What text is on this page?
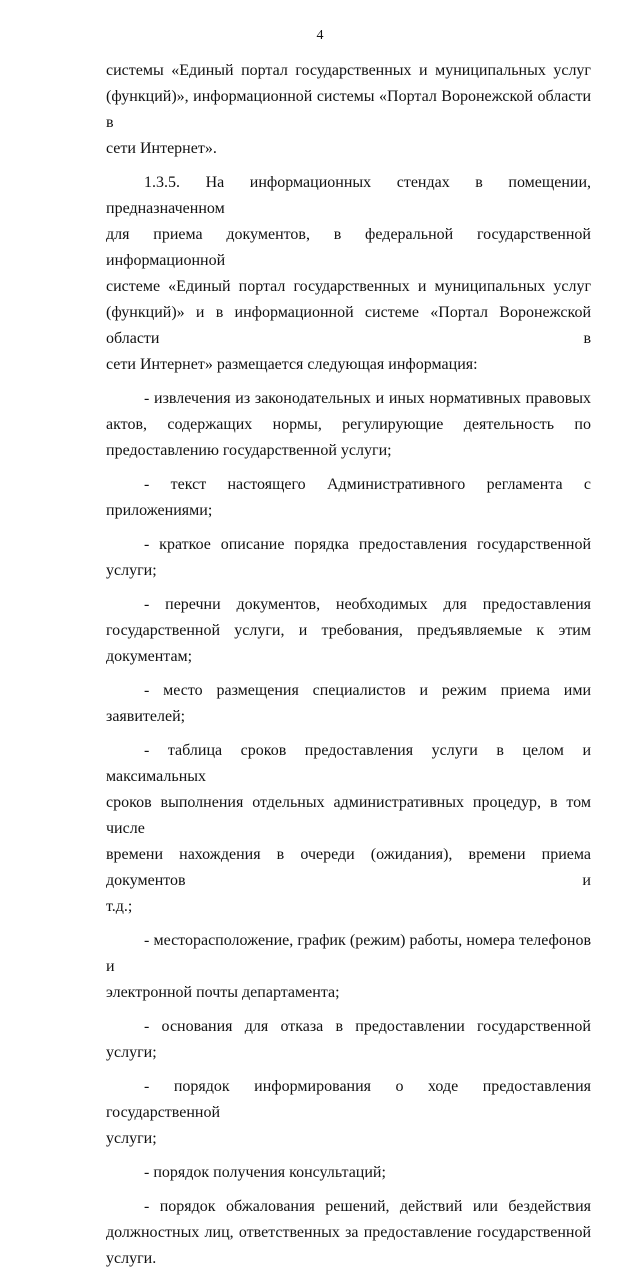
4

системы «Единый портал государственных и муниципальных услуг

(функций)», информационной системы «Портал Воронежской области в

сети Интернет».

1.3.5. На информационных стендах в помещении, предназначенном

для приема документов, в федеральной государственной информационной

системе «Единый портал государственных и муниципальных услуг

(функций)» и в информационной системе «Портал Воронежской области в

сети Интернет» размещается следующая информация:

- извлечения из законодательных и иных нормативных правовых

актов, содержащих нормы, регулирующие деятельность по

предоставлению государственной услуги;

- текст настоящего Административного регламента с приложениями;

- краткое описание порядка предоставления государственной услуги;

- перечни документов, необходимых для предоставления

государственной услуги, и требования, предъявляемые к этим документам;

- место размещения специалистов и режим приема ими заявителей;

- таблица сроков предоставления услуги в целом и максимальных

сроков выполнения отдельных административных процедур, в том числе

времени нахождения в очереди (ожидания), времени приема документов и

т.д.;

- месторасположение, график (режим) работы, номера телефонов и

электронной почты департамента;

- основания для отказа в предоставлении государственной услуги;

- порядок информирования о ходе предоставления государственной

услуги;

- порядок получения консультаций;

- порядок обжалования решений, действий или бездействия

должностных лиц, ответственных за предоставление государственной

услуги.
